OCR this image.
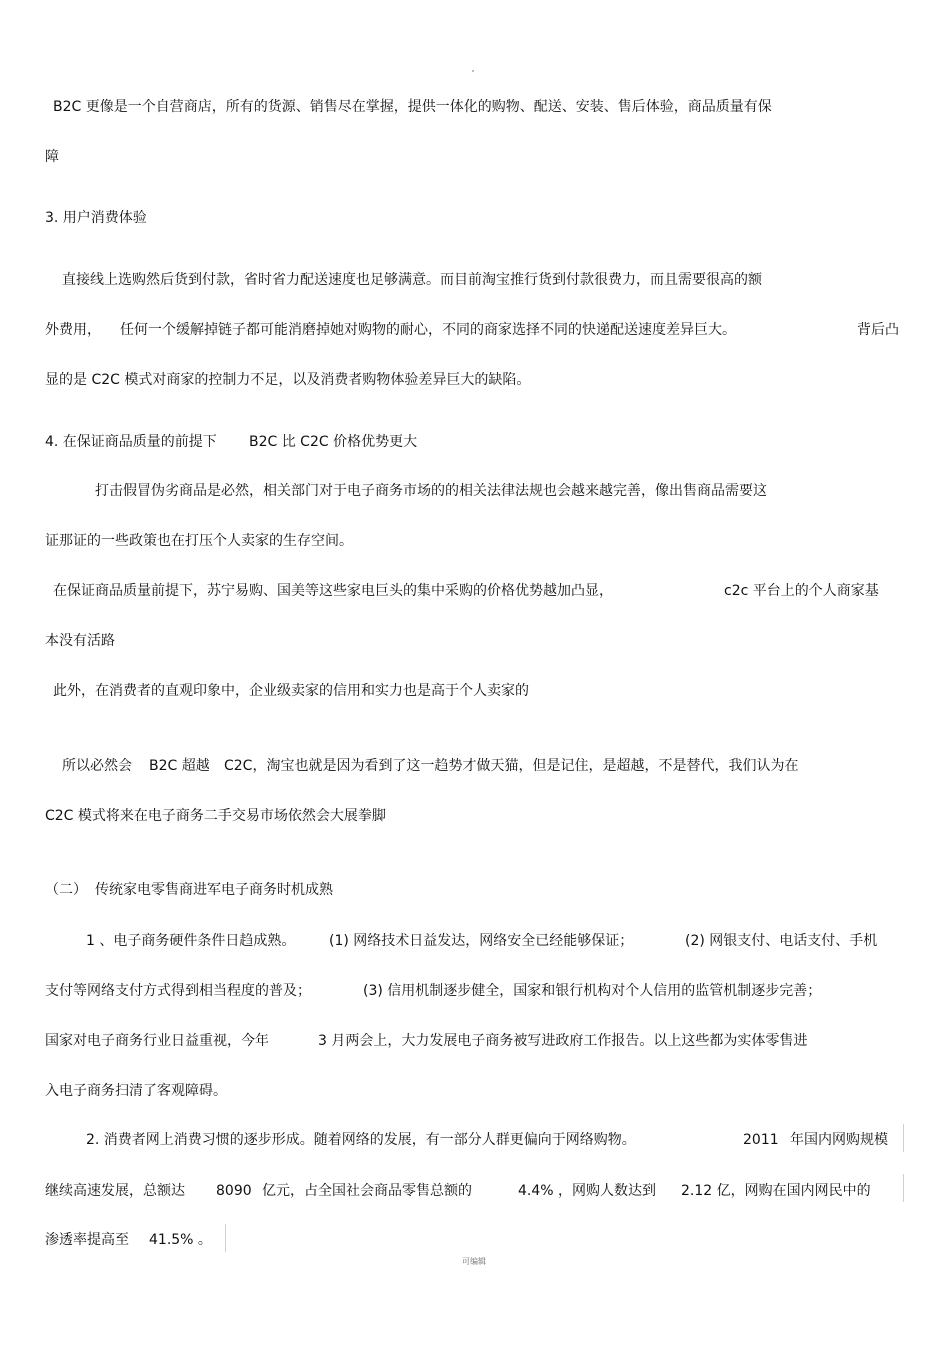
B2C 更像是一个自营商店，所有的货源、销售尽在掌握，提供一体化的购物、配送、安装、售后体验，商品质量有保
障
3. 用户消费体验
直接线上选购然后货到付款，省时省力配送速度也足够满意。而目前淘宝推行货到付款很费力，而且需要很高的额
外费用， 任何一个缓解掉链子都可能消磨掉她对购物的耐心，不同的商家选择不同的快递配送速度差异巨大。	背后凸
显的是 C2C 模式对商家的控制力不足，以及消费者购物体验差异巨大的缺陷。
4. 在保证商品质量的前提下 B2C 比 C2C 价格优势更大
打击假冒伪劣商品是必然，相关部门对于电子商务市场的的相关法律法规也会越来越完善，像出售商品需要这
证那证的一些政策也在打压个人卖家的生存空间。
在保证商品质量前提下，苏宁易购、国美等这些家电巨头的集中采购的价格优势越加凸显，	c2c 平台上的个人商家基
本没有活路
此外，在消费者的直观印象中，企业级卖家的信用和实力也是高于个人卖家的
所以必然会 B2C 超越 C2C，淘宝也就是因为看到了这一趋势才做天猫，但是记住，是超越，不是替代，我们认为在
C2C 模式将来在电子商务二手交易市场依然会大展拳脚
（二） 传统家电零售商进军电子商务时机成熟
1 、电子商务硬件条件日趋成熟。 (1) 网络技术日益发达，网络安全已经能够保证；	(2) 网银支付、电话支付、手机
支付等网络支付方式得到相当程度的普及；	(3) 信用机制逐步健全，国家和银行机构对个人信用的监管机制逐步完善；
国家对电子商务行业日益重视，今年	3 月两会上，大力发展电子商务被写进政府工作报告。以上这些都为实体零售进
入电子商务扫清了客观障碍。
2. 消费者网上消费习惯的逐步形成。随着网络的发展，有一部分人群更偏向于网络购物。	2011 年国内网购规模
继续高速发展，总额达 8090 亿元，占全国社会商品零售总额的	4.4% ，网购人数达到 2.12 亿，网购在国内网民中的
渗透率提高至 41.5% 。
可编辑
